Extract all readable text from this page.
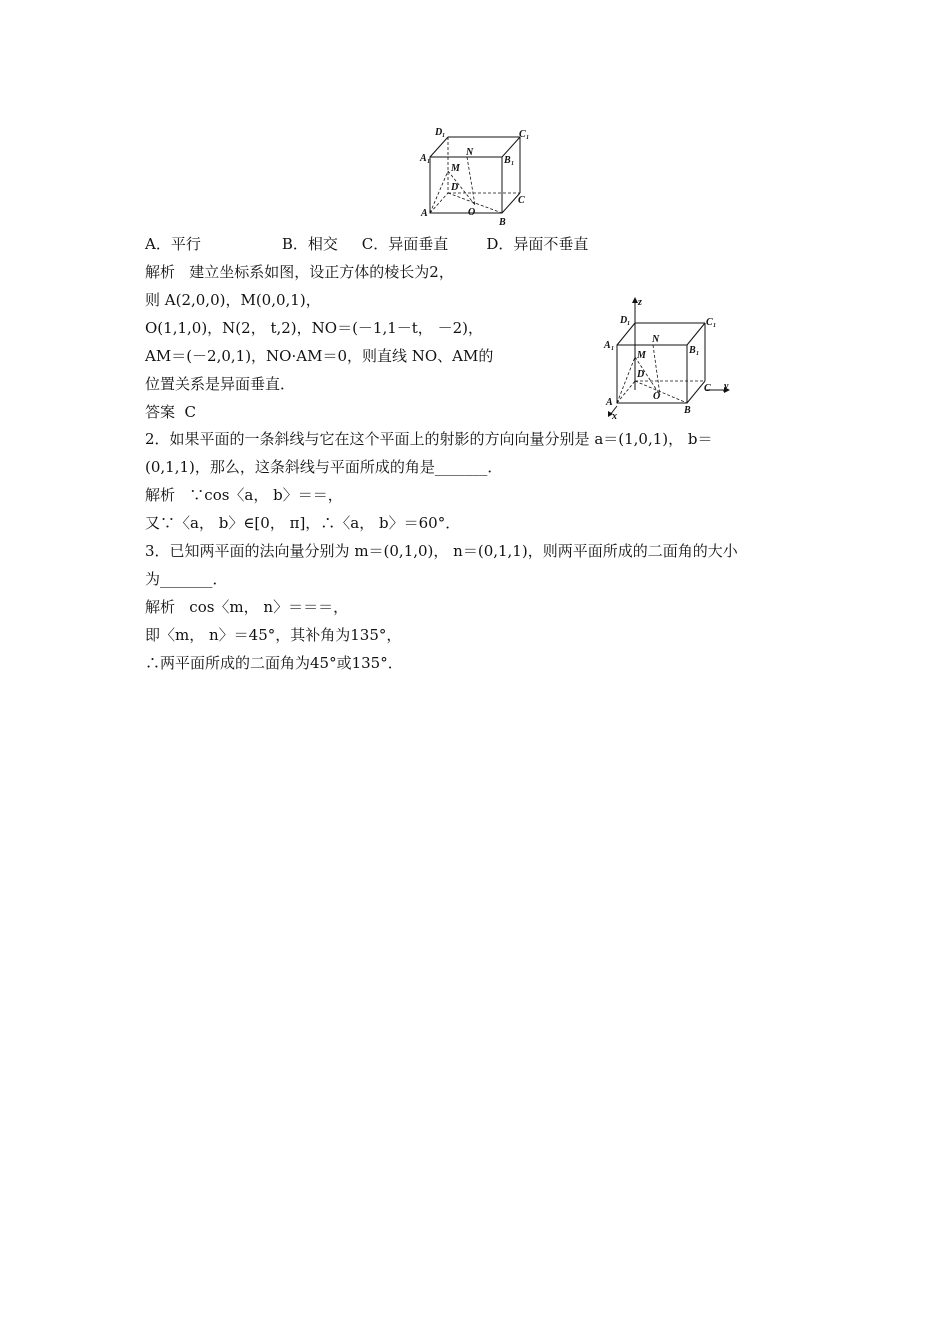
D 1	C 1
A 1	B 1
N
M
D
C
A	O
B
z
y
x
D 1	C 1
A 1	B 1
N
M
D
C
A
O
B
A．平行                 B．相交     C．异面垂直        D．异面不垂直
解析   建立坐标系如图，设正方体的棱长为2，
则 A(2,0,0)，M(0,0,1)，
O(1,1,0)，N(2， t,2)，NO＝(－1,1－t， －2)，
AM＝(－2,0,1)，NO·AM＝0，则直线 NO、AM的
位置关系是异面垂直．
答案  C
2．如果平面的一条斜线与它在这个平面上的射影的方向向量分别是 a＝(1,0,1)， b＝
(0,1,1)，那么，这条斜线与平面所成的角是_______．
解析   ∵cos〈a， b〉＝＝，
又∵〈a， b〉∈[0， π]，∴〈a， b〉＝60°．
3．已知两平面的法向量分别为 m＝(0,1,0)， n＝(0,1,1)，则两平面所成的二面角的大小
为_______．
解析   cos〈m， n〉＝＝＝，
即〈m， n〉＝45°，其补角为135°，
∴两平面所成的二面角为45°或135°．
